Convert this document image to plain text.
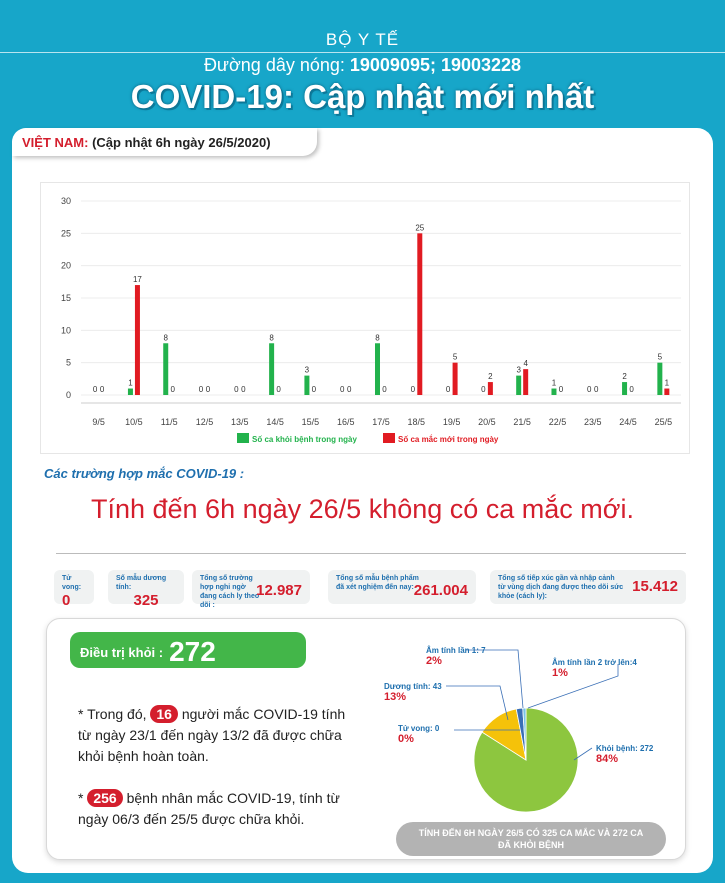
BỘ Y TẾ
Đường dây nóng: 19009095; 19003228
COVID-19: Cập nhật mới nhất
VIỆT NAM: (Cập nhật 6h ngày 26/5/2020)
0
5
10
15
20
25
30
0 0
9/5
1
17
10/5
8
0
11/5
0 0
12/5
0 0
13/5
8
0
14/5
3
0
15/5
0 0
16/5
8
0
17/5
0
25
18/5
0
5
19/5
0
2
20/5
3
4
21/5
1
0
22/5
0 0
23/5
2
0
24/5
5
1
25/5
Số ca khỏi bệnh trong ngày	Số ca mắc mới trong ngày
Các trường hợp mắc COVID-19 :
Tính đến 6h ngày 26/5 không có ca mắc mới.
Tử vong:
0
Số mẫu dương tính:
325
Tổng số trường hợp nghi ngờ đang cách ly theo dõi :
12.987
Tổng số mẫu bệnh phẩm đã xét nghiệm đến nay: 261.004
Tổng số tiếp xúc gần và nhập cảnh từ vùng dịch đang được theo dõi sức khỏe (cách ly):
15.412
Điều trị khỏi : 272TRƯỜNG HỢP
* Trong đó, 16 người mắc COVID-19 tính
từ ngày 23/1 đến ngày 13/2 đã được chữa
khỏi bệnh hoàn toàn.
* 256 bệnh nhân mắc COVID-19, tính từ
ngày 06/3 đến 25/5 được chữa khỏi.
Âm tính lần 1: 7
2%	Âm tính lần 2 trở lên:4
1%
Dương tính: 43
13%
Tử vong: 0
0%
Khỏi bệnh: 272
84%
TÍNH ĐẾN 6H NGÀY 26/5 CÓ 325 CA MẮC VÀ 272 CA ĐÃ KHỎI BỆNH
